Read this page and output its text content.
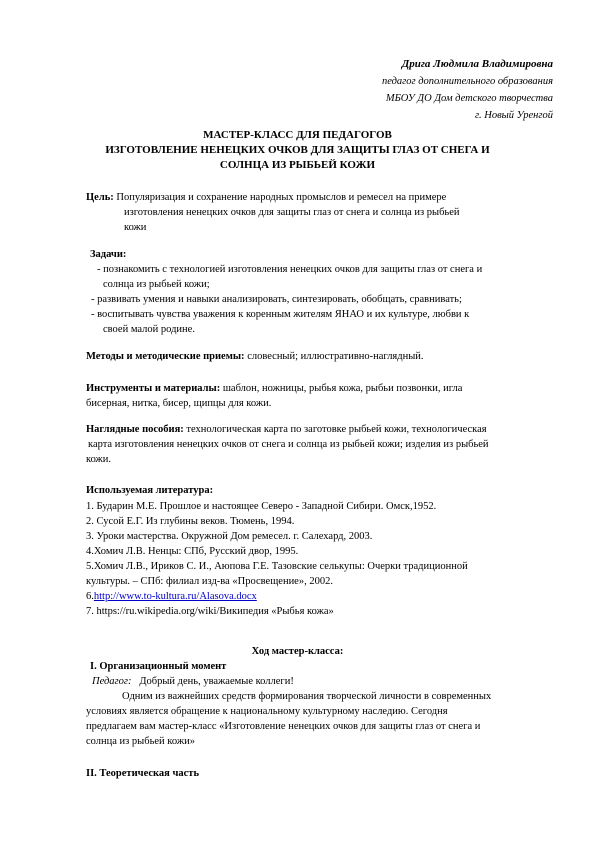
Дрига Людмила Владимировна
педагог дополнительного образования
МБОУ ДО Дом детского творчества
г. Новый Уренгой
МАСТЕР-КЛАСС ДЛЯ ПЕДАГОГОВ
ИЗГОТОВЛЕНИЕ НЕНЕЦКИХ ОЧКОВ ДЛЯ ЗАЩИТЫ ГЛАЗ ОТ СНЕГА И
СОЛНЦА ИЗ РЫБЬЕЙ КОЖИ
Цель: Популяризация и сохранение народных промыслов и ремесел на примере
изготовления ненецких очков для защиты глаз от снега и солнца из рыбьей
кожи
Задачи:
- познакомить с технологией изготовления ненецких очков для защиты глаз от снега и
солнца из рыбьей кожи;
- развивать умения и навыки анализировать, синтезировать, обобщать, сравнивать;
- воспитывать чувства уважения к коренным жителям ЯНАО и их культуре, любви к
своей малой родине.
Методы и методические приемы: словесный; иллюстративно-наглядный.
Инструменты и материалы: шаблон, ножницы, рыбья кожа, рыбьи позвонки, игла
бисерная, нитка, бисер, щипцы для кожи.
Наглядные пособия: технологическая карта по заготовке рыбьей кожи, технологическая
карта изготовления ненецких очков от снега и солнца из рыбьей кожи; изделия из рыбьей
кожи.
Используемая литература:
1. Бударин М.Е. Прошлое и настоящее Северо - Западной Сибири. Омск,1952.
2. Сусой Е.Г. Из глубины веков. Тюмень, 1994.
3. Уроки мастерства. Окружной Дом ремесел. г. Салехард, 2003.
4.Хомич Л.В. Ненцы: СПб, Русский двор, 1995.
5.Хомич Л.В., Ириков С. И., Аюпова Г.Е. Тазовские селькупы: Очерки традиционной
культуры. – СПб: филиал изд-ва «Просвещение», 2002.
6.http://www.to-kultura.ru/Alasova.docx
7. https://ru.wikipedia.org/wiki/Википедия «Рыбья кожа»
Ход мастер-класса:
I. Организационный момент
Педагог: Добрый день, уважаемые коллеги!
Одним из важнейших средств формирования творческой личности в современных
условиях является обращение к национальному культурному наследию. Сегодня
предлагаем вам мастер-класс «Изготовление ненецких очков для защиты глаз от снега и
солнца из рыбьей кожи»
II. Теоретическая часть
